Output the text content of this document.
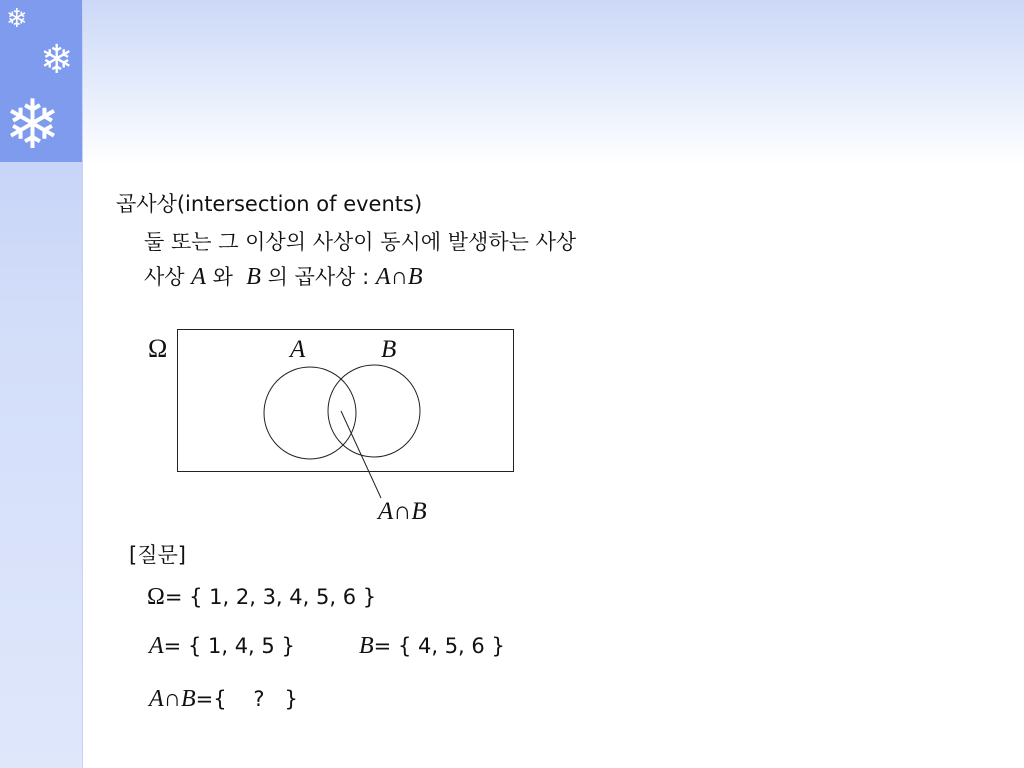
❄
❄
❄
곱사상(intersection of events)
둘 또는 그 이상의 사상이 동시에 발생하는 사상
사상 A 와 B 의 곱사상 : A∩B
Ω	A	B
A∩B
[질문]
Ω= { 1, 2, 3, 4, 5, 6 }
A= { 1, 4, 5 }	B= { 4, 5, 6 }
A∩B={    ?   }
